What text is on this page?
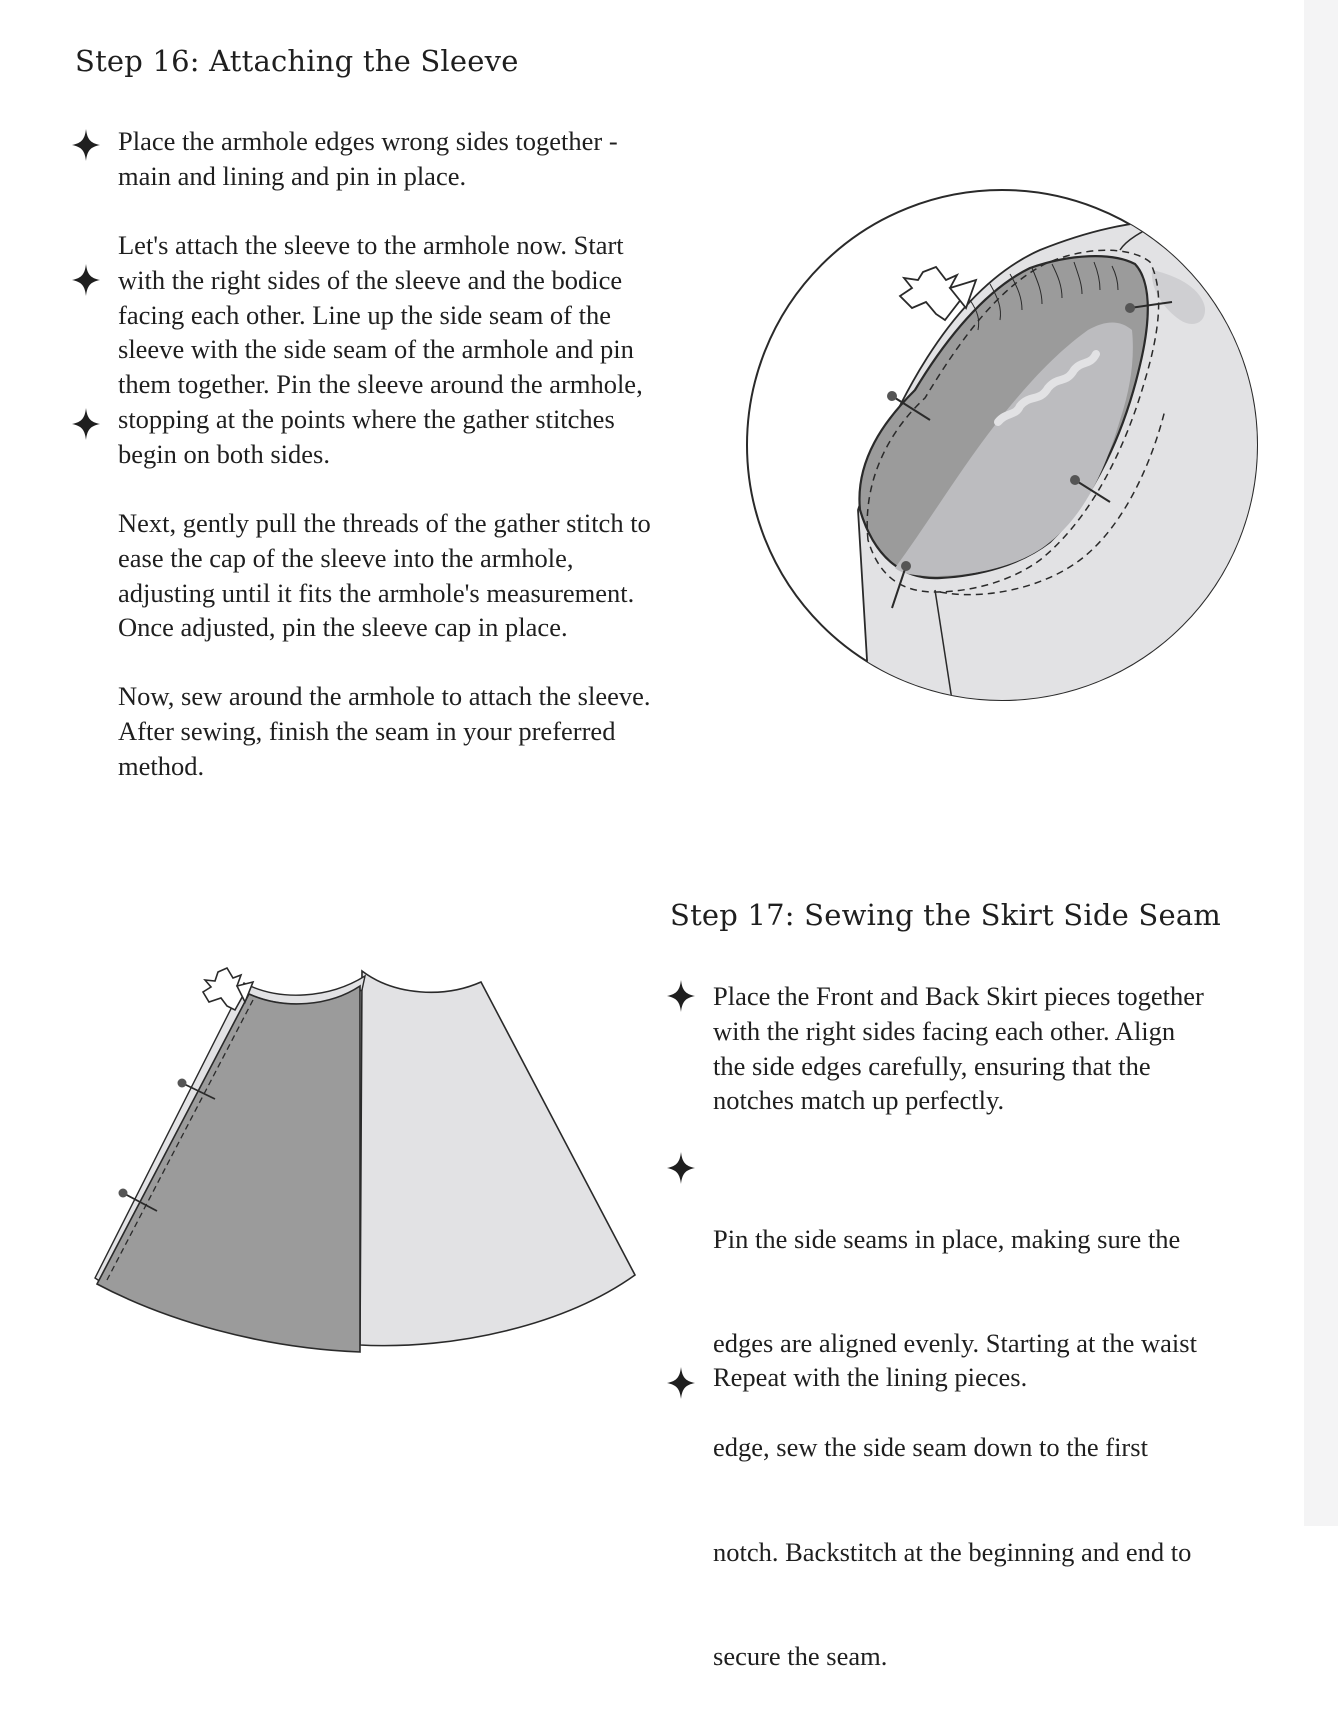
Step 16: Attaching the Sleeve

Place the armhole edges wrong sides together -
main and lining and pin in place.

Let's attach the sleeve to the armhole now. Start
with the right sides of the sleeve and the bodice
facing each other. Line up the side seam of the
sleeve with the side seam of the armhole and pin
them together. Pin the sleeve around the armhole,
stopping at the points where the gather stitches
begin on both sides.

Next, gently pull the threads of the gather stitch to
ease the cap of the sleeve into the armhole,
adjusting until it fits the armhole's measurement.
Once adjusted, pin the sleeve cap in place.

Now, sew around the armhole to attach the sleeve.
After sewing, finish the seam in your preferred
method.

Step 17: Sewing the Skirt Side Seam

Place the Front and Back Skirt pieces together
with the right sides facing each other. Align
the side edges carefully, ensuring that the
notches match up perfectly.

Pin the side seams in place, making sure the

edges are aligned evenly. Starting at the waist

edge, sew the side seam down to the first

notch. Backstitch at the beginning and end to

secure the seam.

Repeat with the lining pieces.
